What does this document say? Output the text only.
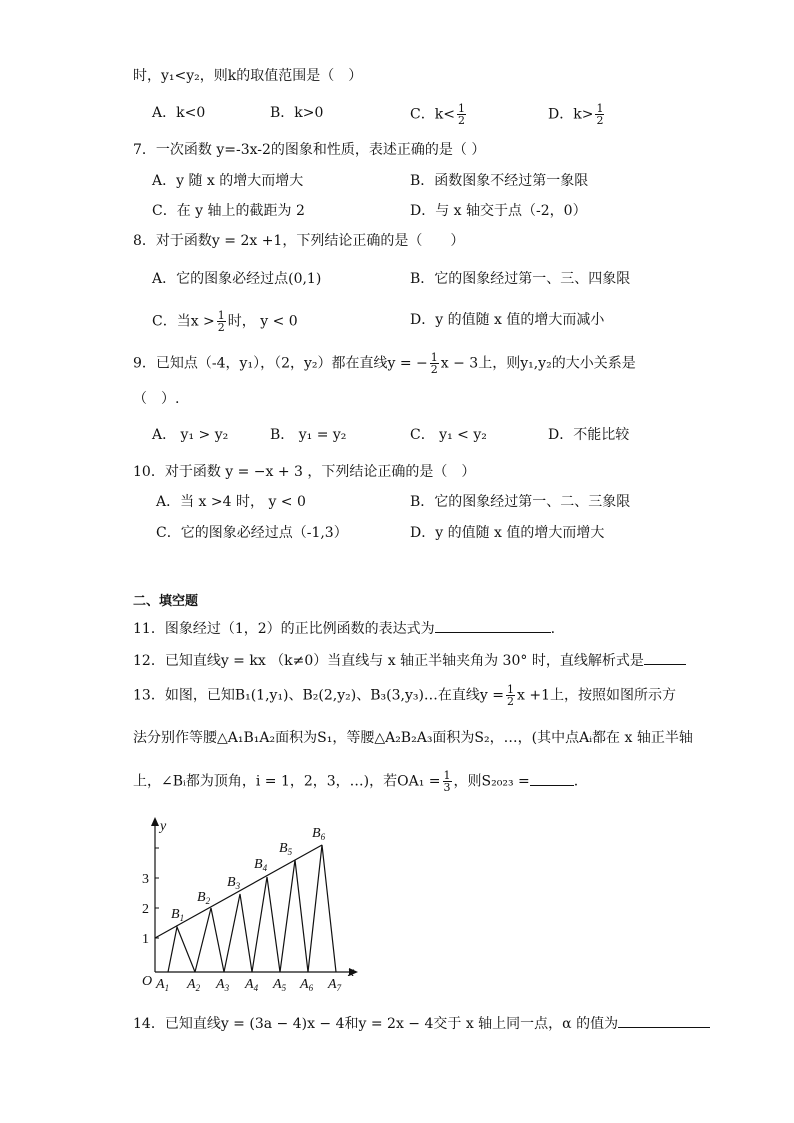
时，y₁<y₂，则k的取值范围是（　）
A．k<0	B．k>0	C．$k< \frac{1}{2}$	D．$k> \frac{1}{2}$
7．一次函数 y=-3x-2的图象和性质，表述正确的是（ ）
A．y 随 x 的增大而增大	B．函数图象不经过第一象限
C．在 y 轴上的截距为 2	D．与 x 轴交于点（-2，0）
8．对于函数y = 2x +1，下列结论正确的是（　　）
A．它的图象必经过点(0,1)	B．它的图象经过第一、三、四象限
C．当$x > \frac{1}{2}$ 时， y < 0	D．y 的值随 x 值的增大而减小
9．已知点（-4，y₁），（2，y₂）都在直线y = − $\frac{1}{2}$ x − 3上，则y₁,y₂的大小关系是
（　）.
A． y₁ > y₂	B． y₁ = y₂	C． y₁ < y₂	D．不能比较
10．对于函数 y = −x + 3 ，下列结论正确的是（　）
A．当 x >4 时， y < 0	B．它的图象经过第一、二、三象限
C．它的图象必经过点（-1,3）	D．y 的值随 x 值的增大而增大
二、填空题
11．图象经过（1，2）的正比例函数的表达式为	.
12．已知直线y = kx （k≠0）当直线与 x 轴正半轴夹角为 30° 时，直线解析式是
13．如图，已知B₁(1,y₁)、B₂(2,y₂)、B₃(3,y₃)…在直线$y = \frac{1}{2}$ x +1上，按照如图所示方
法分别作等腰△A₁B₁A₂面积为S₁，等腰△A₂B₂A₃面积为S₂，…，(其中点Aᵢ都在 x 轴正半轴
上，∠Bᵢ都为顶角，i = 1，2，3，…)，若$OA_1 = \frac{1}{3}$ ，则S₂₀₂₃ =	.
y
x
O
1
2
3
$A_1$ $A_2$ $A_3$ $A_4$ $A_5$ $A_6$ $A_7$
$B_1$
$B_2$
$B_3$
$B_4$
$B_5$
$B_6$
14．已知直线y = (3a − 4)x − 4和y = 2x − 4交于 x 轴上同一点，α 的值为
